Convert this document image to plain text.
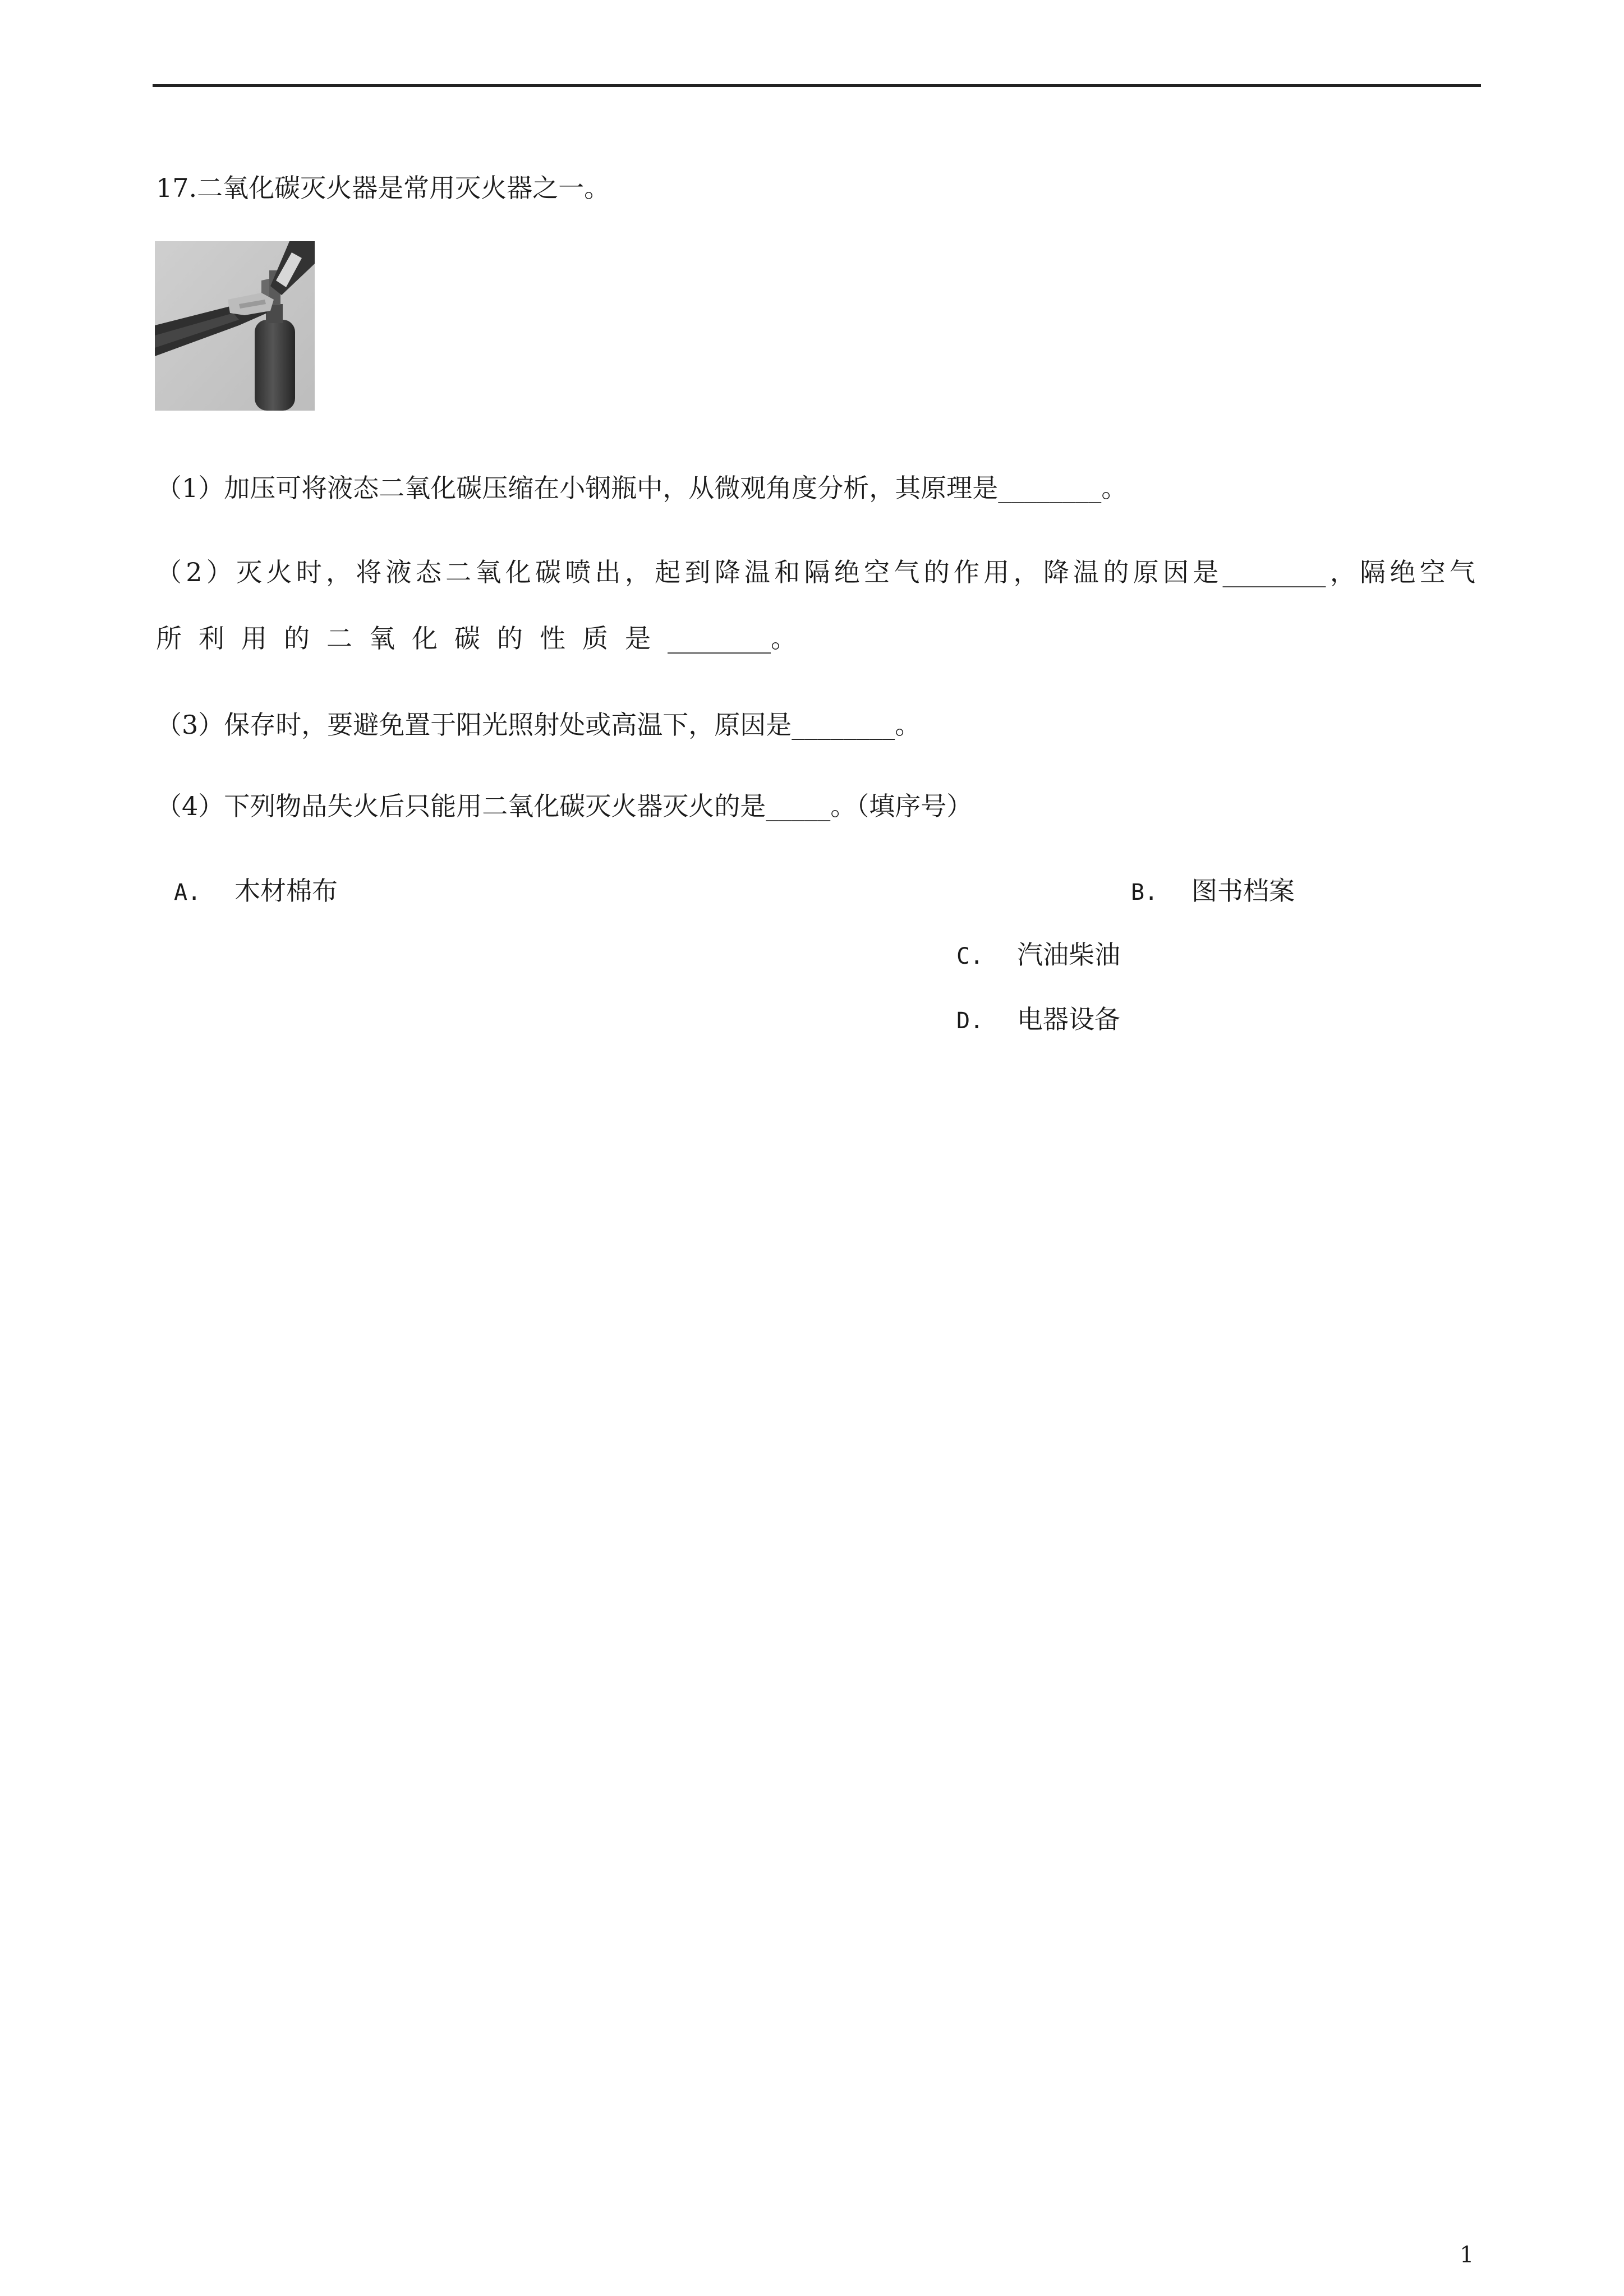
17.二氧化碳灭火器是常用灭火器之一。
（1）加压可将液态二氧化碳压缩在小钢瓶中，从微观角度分析，其原理是________。
（2）灭火时，将液态二氧化碳喷出，起到降温和隔绝空气的作用，降温的原因是________，隔绝空气
所利用的二氧化碳的性质是________。
（3）保存时，要避免置于阳光照射处或高温下，原因是________。
（4）下列物品失火后只能用二氧化碳灭火器灭火的是_____。（填序号）
A. 木材棉布	B. 图书档案
C. 汽油柴油
D. 电器设备
1
